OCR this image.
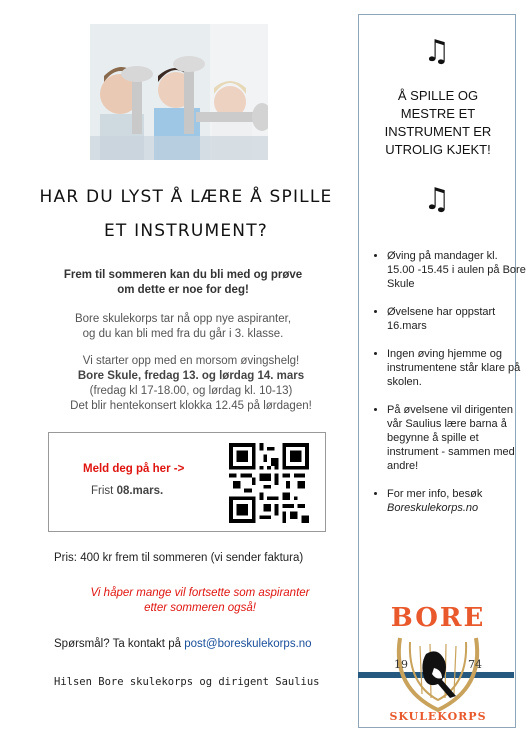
HAR DU LYST Å LÆRE Å SPILLE
ET INSTRUMENT?
Frem til sommeren kan du bli med og prøve
om dette er noe for deg!
Bore skulekorps tar nå opp nye aspiranter,
og du kan bli med fra du går i 3. klasse.
Vi starter opp med en morsom øvingshelg!
Bore Skule, fredag 13. og lørdag 14. mars
(fredag kl 17-18.00, og lørdag kl. 10-13)
Det blir hentekonsert klokka 12.45 på lørdagen!
Meld deg på her ->
Frist 08.mars.
Pris: 400 kr frem til sommeren (vi sender faktura)
Vi håper mange vil fortsette som aspiranter
etter sommeren også!
Spørsmål? Ta kontakt på post@boreskulekorps.no
Hilsen Bore skulekorps og dirigent Saulius
♫
Å SPILLE OG MESTRE ET INSTRUMENT ER UTROLIG KJEKT!
♫
• Øving på mandager kl. 15.00 -15.45 i aulen på Bore Skule
• Øvelsene har oppstart 16.mars
• Ingen øving hjemme og instrumentene står klare på skolen.
• På øvelsene vil dirigenten vår Saulius lære barna å begynne å spille et instrument - sammen med andre!
• For mer info, besøk
Boreskulekorps.no
BORE
19	74
SKULEKORPS
